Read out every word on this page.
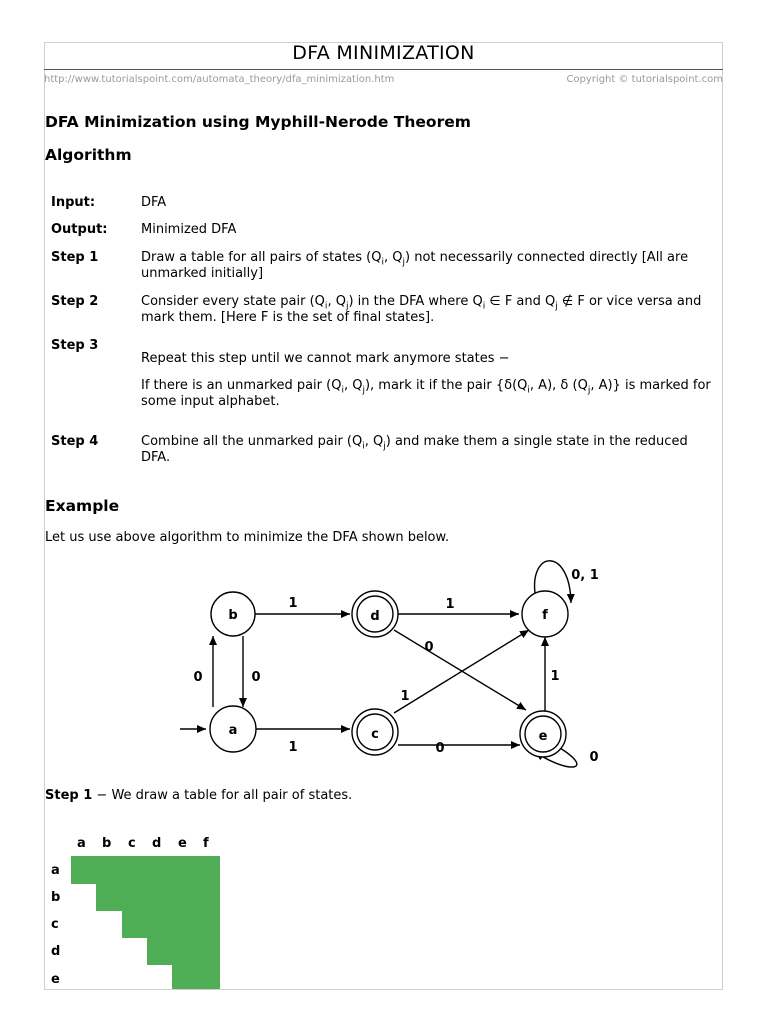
DFA MINIMIZATION
http://www.tutorialspoint.com/automata_theory/dfa_minimization.htm	Copyright © tutorialspoint.com
DFA Minimization using Myphill-Nerode Theorem
Algorithm
Input:	DFA
Output:	Minimized DFA
Step 1	Draw a table for all pairs of states ($Q_i$, $Q_j$) not necessarily connected directly [All are unmarked initially]
Step 2	Consider every state pair ($Q_i$, $Q_j$) in the DFA where $Q_i$ ∈ F and $Q_j$ ∉ F or vice versa and mark them. [Here F is the set of final states].
Step 3
Repeat this step until we cannot mark anymore states −
If there is an unmarked pair ($Q_i$, $Q_j$), mark it if the pair {$\delta(Q_i$, A), δ ($Q_j$, A)} is marked for some input alphabet.
Step 4	Combine all the unmarked pair ($Q_i$, $Q_j$) and make them a single state in the reduced DFA.
Example
Let us use above algorithm to minimize the DFA shown below.
b	d	f
a	c	e
1	1
0, 1
0
0	0
1
1
1	0
0
Step 1 − We draw a table for all pair of states.
a b c d e f
a
b
c
d
e
